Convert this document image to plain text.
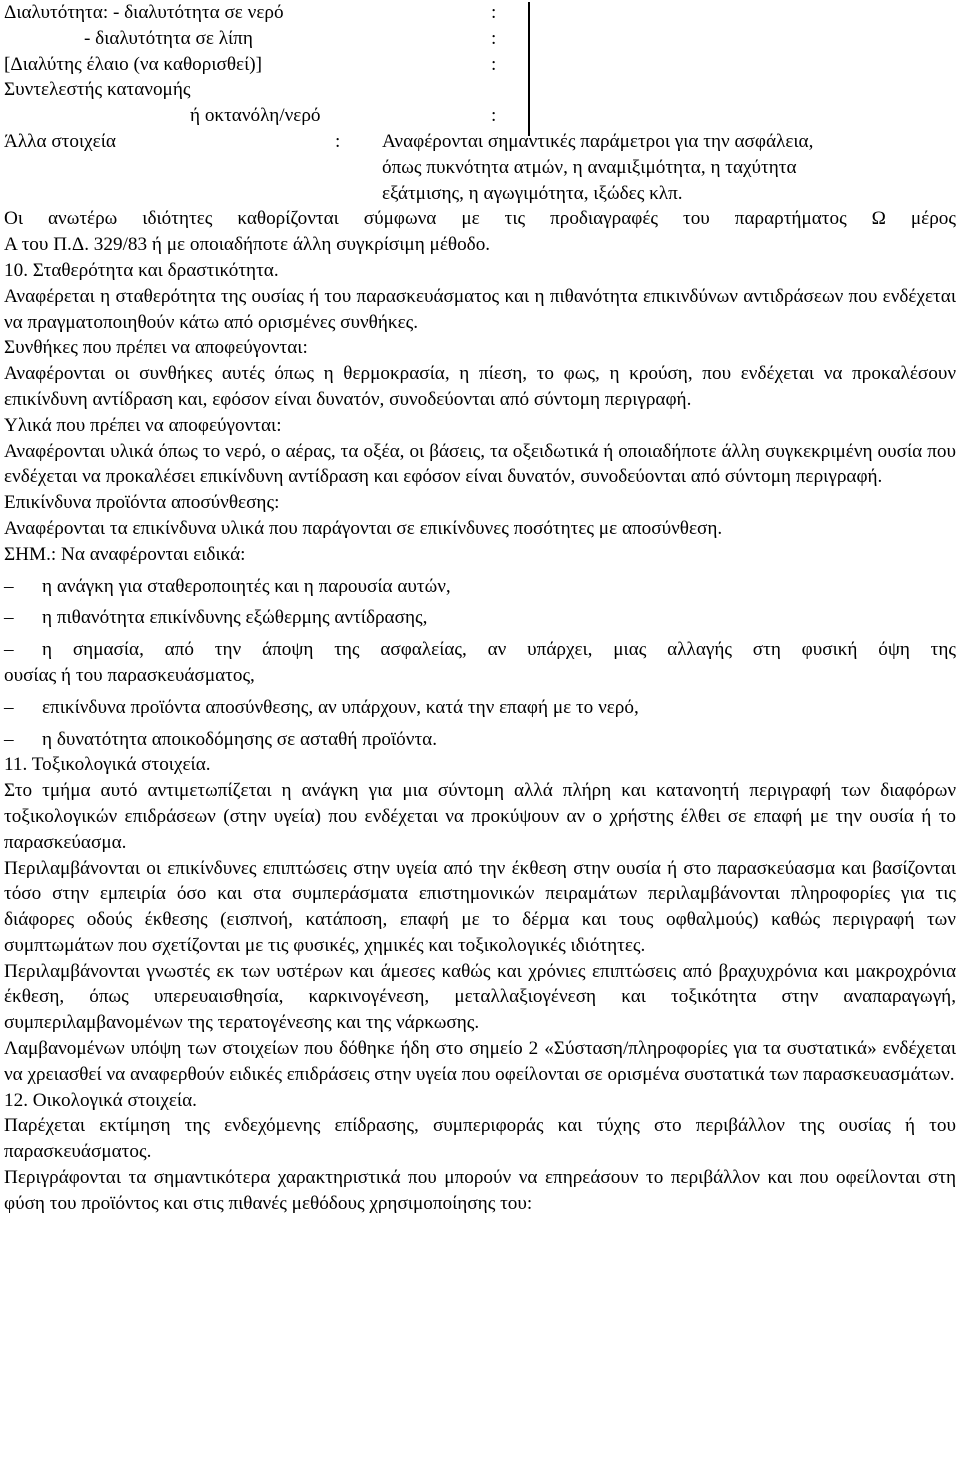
Διαλυτότητα: - διαλυτότητα σε νερό	:
- διαλυτότητα σε λίπη	:
[Διαλύτης έλαιο (να καθορισθεί)]	:
Συντελεστής κατανομής
ή οκτανόλη/νερό	:
Άλλα στοιχεία	: Αναφέρονται σημαντικές παράμετροι για την ασφάλεια,
όπως πυκνότητα ατμών, η αναμιξιμότητα, η ταχύτητα
εξάτμισης, η αγωγιμότητα, ιξώδες κλπ.
Οι ανωτέρω ιδιότητες καθορίζονται σύμφωνα με τις προδιαγραφές του παραρτήματος Ω μέρος
Α του Π.Δ. 329/83 ή με οποιαδήποτε άλλη συγκρίσιμη μέθοδο.
10. Σταθερότητα και δραστικότητα.
Αναφέρεται η σταθερότητα της ουσίας ή του παρασκευάσματος και η πιθανότητα επικινδύνων αντιδράσεων που ενδέχεται να πραγματοποιηθούν κάτω από ορισμένες συνθήκες.
Συνθήκες που πρέπει να αποφεύγονται:
Αναφέρονται οι συνθήκες αυτές όπως η θερμοκρασία, η πίεση, το φως, η κρούση, που ενδέχεται να προκαλέσουν επικίνδυνη αντίδραση και, εφόσον είναι δυνατόν, συνοδεύονται από σύντομη περιγραφή.
Υλικά που πρέπει να αποφεύγονται:
Αναφέρονται υλικά όπως το νερό, ο αέρας, τα οξέα, οι βάσεις, τα οξειδωτικά ή οποιαδήποτε άλλη συγκεκριμένη ουσία που ενδέχεται να προκαλέσει επικίνδυνη αντίδραση και εφόσον είναι δυνατόν, συνοδεύονται από σύντομη περιγραφή.
Επικίνδυνα προϊόντα αποσύνθεσης:
Αναφέρονται τα επικίνδυνα υλικά που παράγονται σε επικίνδυνες ποσότητες με αποσύνθεση.
ΣΗΜ.: Να αναφέρονται ειδικά:
– η ανάγκη για σταθεροποιητές και η παρουσία αυτών,
– η πιθανότητα επικίνδυνης εξώθερμης αντίδρασης,
–	η σημασία, από την άποψη της ασφαλείας, αν υπάρχει, μιας αλλαγής στη φυσική όψη της
ουσίας ή του παρασκευάσματος,
– επικίνδυνα προϊόντα αποσύνθεσης, αν υπάρχουν, κατά την επαφή με το νερό,
– η δυνατότητα αποικοδόμησης σε ασταθή προϊόντα.
11. Τοξικολογικά στοιχεία.
Στο τμήμα αυτό αντιμετωπίζεται η ανάγκη για μια σύντομη αλλά πλήρη και κατανοητή περιγραφή των διαφόρων τοξικολογικών επιδράσεων (στην υγεία) που ενδέχεται να προκύψουν αν ο χρήστης έλθει σε επαφή με την ουσία ή το παρασκεύασμα.
Περιλαμβάνονται οι επικίνδυνες επιπτώσεις στην υγεία από την έκθεση στην ουσία ή στο παρασκεύασμα και βασίζονται τόσο στην εμπειρία όσο και στα συμπεράσματα επιστημονικών πειραμάτων περιλαμβάνονται πληροφορίες για τις διάφορες οδούς έκθεσης (εισπνοή, κατάποση, επαφή με το δέρμα και τους οφθαλμούς) καθώς περιγραφή των συμπτωμάτων που σχετίζονται με τις φυσικές, χημικές και τοξικολογικές ιδιότητες.
Περιλαμβάνονται γνωστές εκ των υστέρων και άμεσες καθώς και χρόνιες επιπτώσεις από βραχυχρόνια και μακροχρόνια έκθεση, όπως υπερευαισθησία, καρκινογένεση, μεταλλαξιογένεση και τοξικότητα στην αναπαραγωγή, συμπεριλαμβανομένων της τερατογένεσης και της νάρκωσης.
Λαμβανομένων υπόψη των στοιχείων που δόθηκε ήδη στο σημείο 2 «Σύσταση/πληροφορίες για τα συστατικά» ενδέχεται να χρειασθεί να αναφερθούν ειδικές επιδράσεις στην υγεία που οφείλονται σε ορισμένα συστατικά των παρασκευασμάτων.
12. Οικολογικά στοιχεία.
Παρέχεται εκτίμηση της ενδεχόμενης επίδρασης, συμπεριφοράς και τύχης στο περιβάλλον της ουσίας ή του παρασκευάσματος.
Περιγράφονται τα σημαντικότερα χαρακτηριστικά που μπορούν να επηρεάσουν το περιβάλλον και που οφείλονται στη φύση του προϊόντος και στις πιθανές μεθόδους χρησιμοποίησης του:
